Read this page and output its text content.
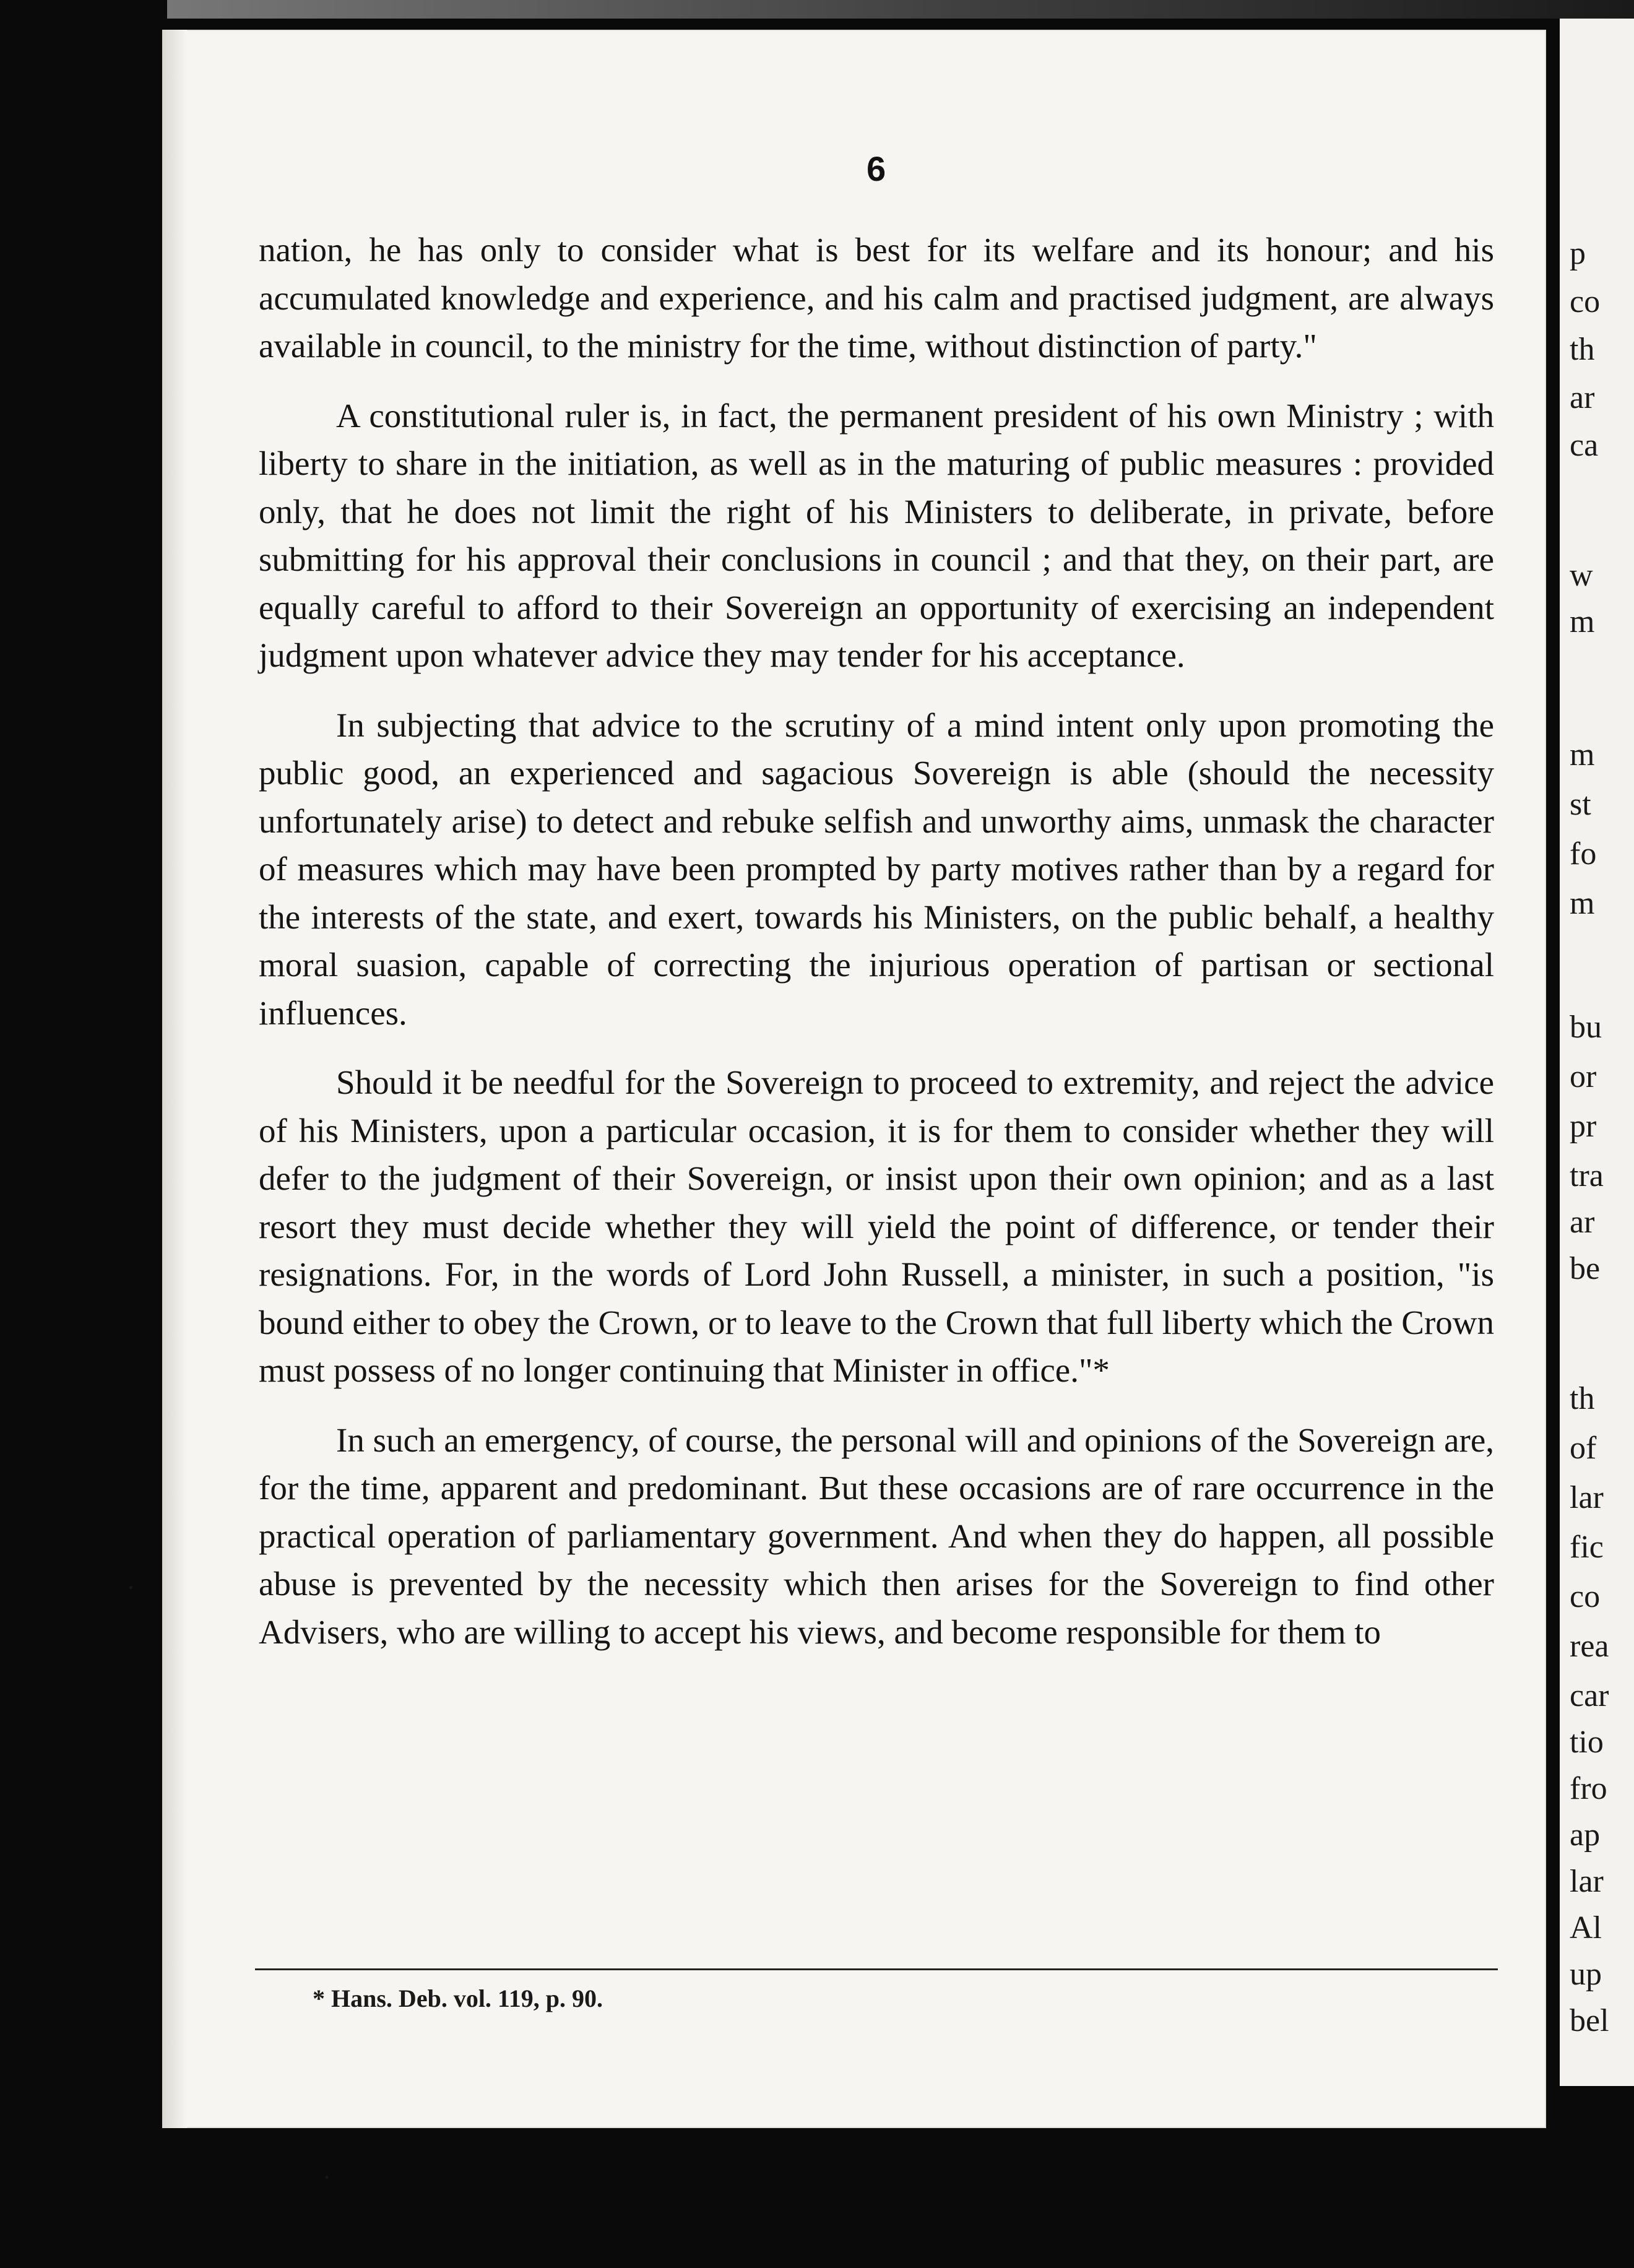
p
co
th
ar
ca
w
m
m
st
fo
m
bu
or
pr
tra
ar
be
th
of
lar
fic
co
rea
car
tio
fro
ap
lar
Al
up
bel
6

nation, he has only to consider what is best for its welfare and its honour; and his accumulated knowledge and experience, and his calm and practised judgment, are always available in council, to the ministry for the time, without distinction of party."

A constitutional ruler is, in fact, the permanent president of his own Ministry ; with liberty to share in the initiation, as well as in the maturing of public measures : provided only, that he does not limit the right of his Ministers to deliberate, in private, before submitting for his approval their conclusions in council ; and that they, on their part, are equally careful to afford to their Sovereign an opportunity of exercising an independent judgment upon whatever advice they may tender for his acceptance.

In subjecting that advice to the scrutiny of a mind intent only upon promoting the public good, an experienced and sagacious Sovereign is able (should the necessity unfortunately arise) to detect and rebuke selfish and unworthy aims, unmask the character of measures which may have been prompted by party motives rather than by a regard for the interests of the state, and exert, towards his Ministers, on the public behalf, a healthy moral suasion, capable of correcting the injurious operation of partisan or sectional influences.

Should it be needful for the Sovereign to proceed to extremity, and reject the advice of his Ministers, upon a particular occasion, it is for them to consider whether they will defer to the judgment of their Sovereign, or insist upon their own opinion; and as a last resort they must decide whether they will yield the point of difference, or tender their resignations. For, in the words of Lord John Russell, a minister, in such a position, "is bound either to obey the Crown, or to leave to the Crown that full liberty which the Crown must possess of no longer continuing that Minister in office."*

In such an emergency, of course, the personal will and opinions of the Sovereign are, for the time, apparent and predominant. But these occasions are of rare occurrence in the practical operation of parliamentary government. And when they do happen, all possible abuse is prevented by the necessity which then arises for the Sovereign to find other Advisers, who are willing to accept his views, and become responsible for them to

* Hans. Deb. vol. 119, p. 90.
